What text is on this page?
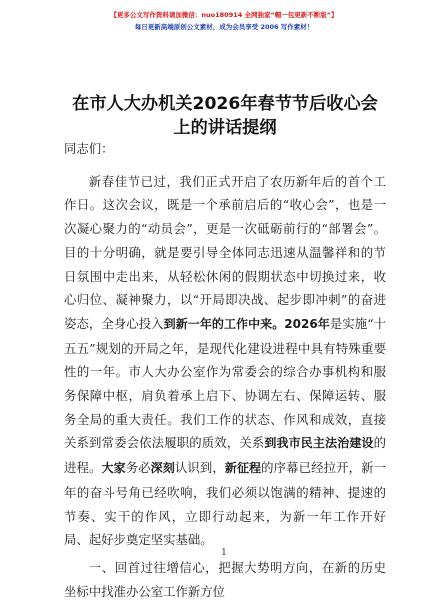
【更多公文写作资料请加微信：nuo180914 全网独家“帽一包更新不断版”】
每日更新高端原创公文素材，成为会员享受 2006 写作素材！
在市人大办机关2026年春节节后收心会上的讲话提纲

同志们：

新春佳节已过，我们正式开启了农历新年后的首个工作日。这次会议，既是一个承前启后的“收心会”，也是一次凝心聚力的“动员会”，更是一次砥砺前行的“部署会”。目的十分明确，就是要引导全体同志迅速从温馨祥和的节日氛围中走出来，从轻松休闲的假期状态中切换过来，收心归位、凝神聚力，以“开局即决战、起步即冲刺”的奋进姿态，全身心投入到新一年的工作中来。2026年是实施“十五五”规划的开局之年，是现代化建设进程中具有特殊重要性的一年。市人大办公室作为常委会的综合办事机构和服务保障中枢，肩负着承上启下、协调左右、保障运转、服务全局的重大责任。我们工作的状态、作风和成效，直接关系到常委会依法履职的质效，关系到我市民主法治建设的进程。大家务必深刻认识到，新征程的序幕已经拉开，新一年的奋斗号角已经吹响，我们必须以饱满的精神、提速的节奏、实干的作风，立即行动起来，为新一年工作开好局、起好步奠定坚实基础。

一、回首过往增信心，把握大势明方向，在新的历史坐标中找准办公室工作新方位

1
